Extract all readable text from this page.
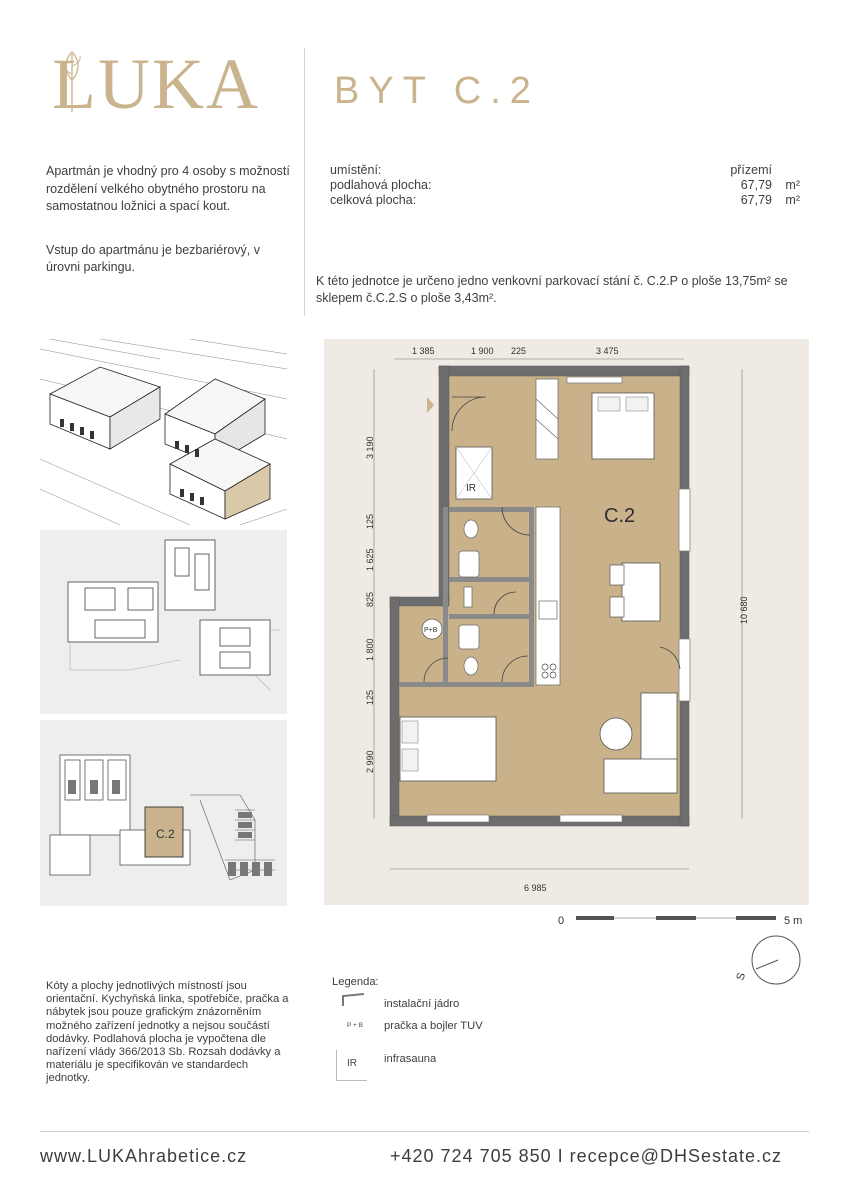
LUKA BYT C.2

Apartmán je vhodný pro 4 osoby s možností rozdělení velkého obytného prostoru na samostatnou ložnici a spací kout.

Vstup do apartmánu je bezbariérový, v úrovni parkingu.

umístění:	přízemí
podlahová plocha:	67,79 m²
celková plocha:	67,79 m²
K této jednotce je určeno jedno venkovní parkovací stání č. C.2.P o ploše 13,75m² se sklepem č.C.2.S o ploše 3,43m².
C.2
IR
P+B
C.2
1 385	1 900 225	3 475
6 985
3 190
125
1 625
825
1 800
125
2 990
10 680
0	5 m
S
Kóty a plochy jednotlivých místností jsou orientační. Kychyňská linka, spotřebiče, pračka a nábytek jsou pouze grafickým znázorněním možného zařízení jednotky a nejsou součástí dodávky. Podlahová plocha je vypočtena dle nařízení vlády 366/2013 Sb. Rozsah dodávky a materiálu je specifikován ve standardech jednotky.
Legenda:
instalační jádro
P + B pračka a bojler TUV
IR	infrasauna
www.LUKAhrabetice.cz	+420 724 705 850 I recepce@DHSestate.cz
